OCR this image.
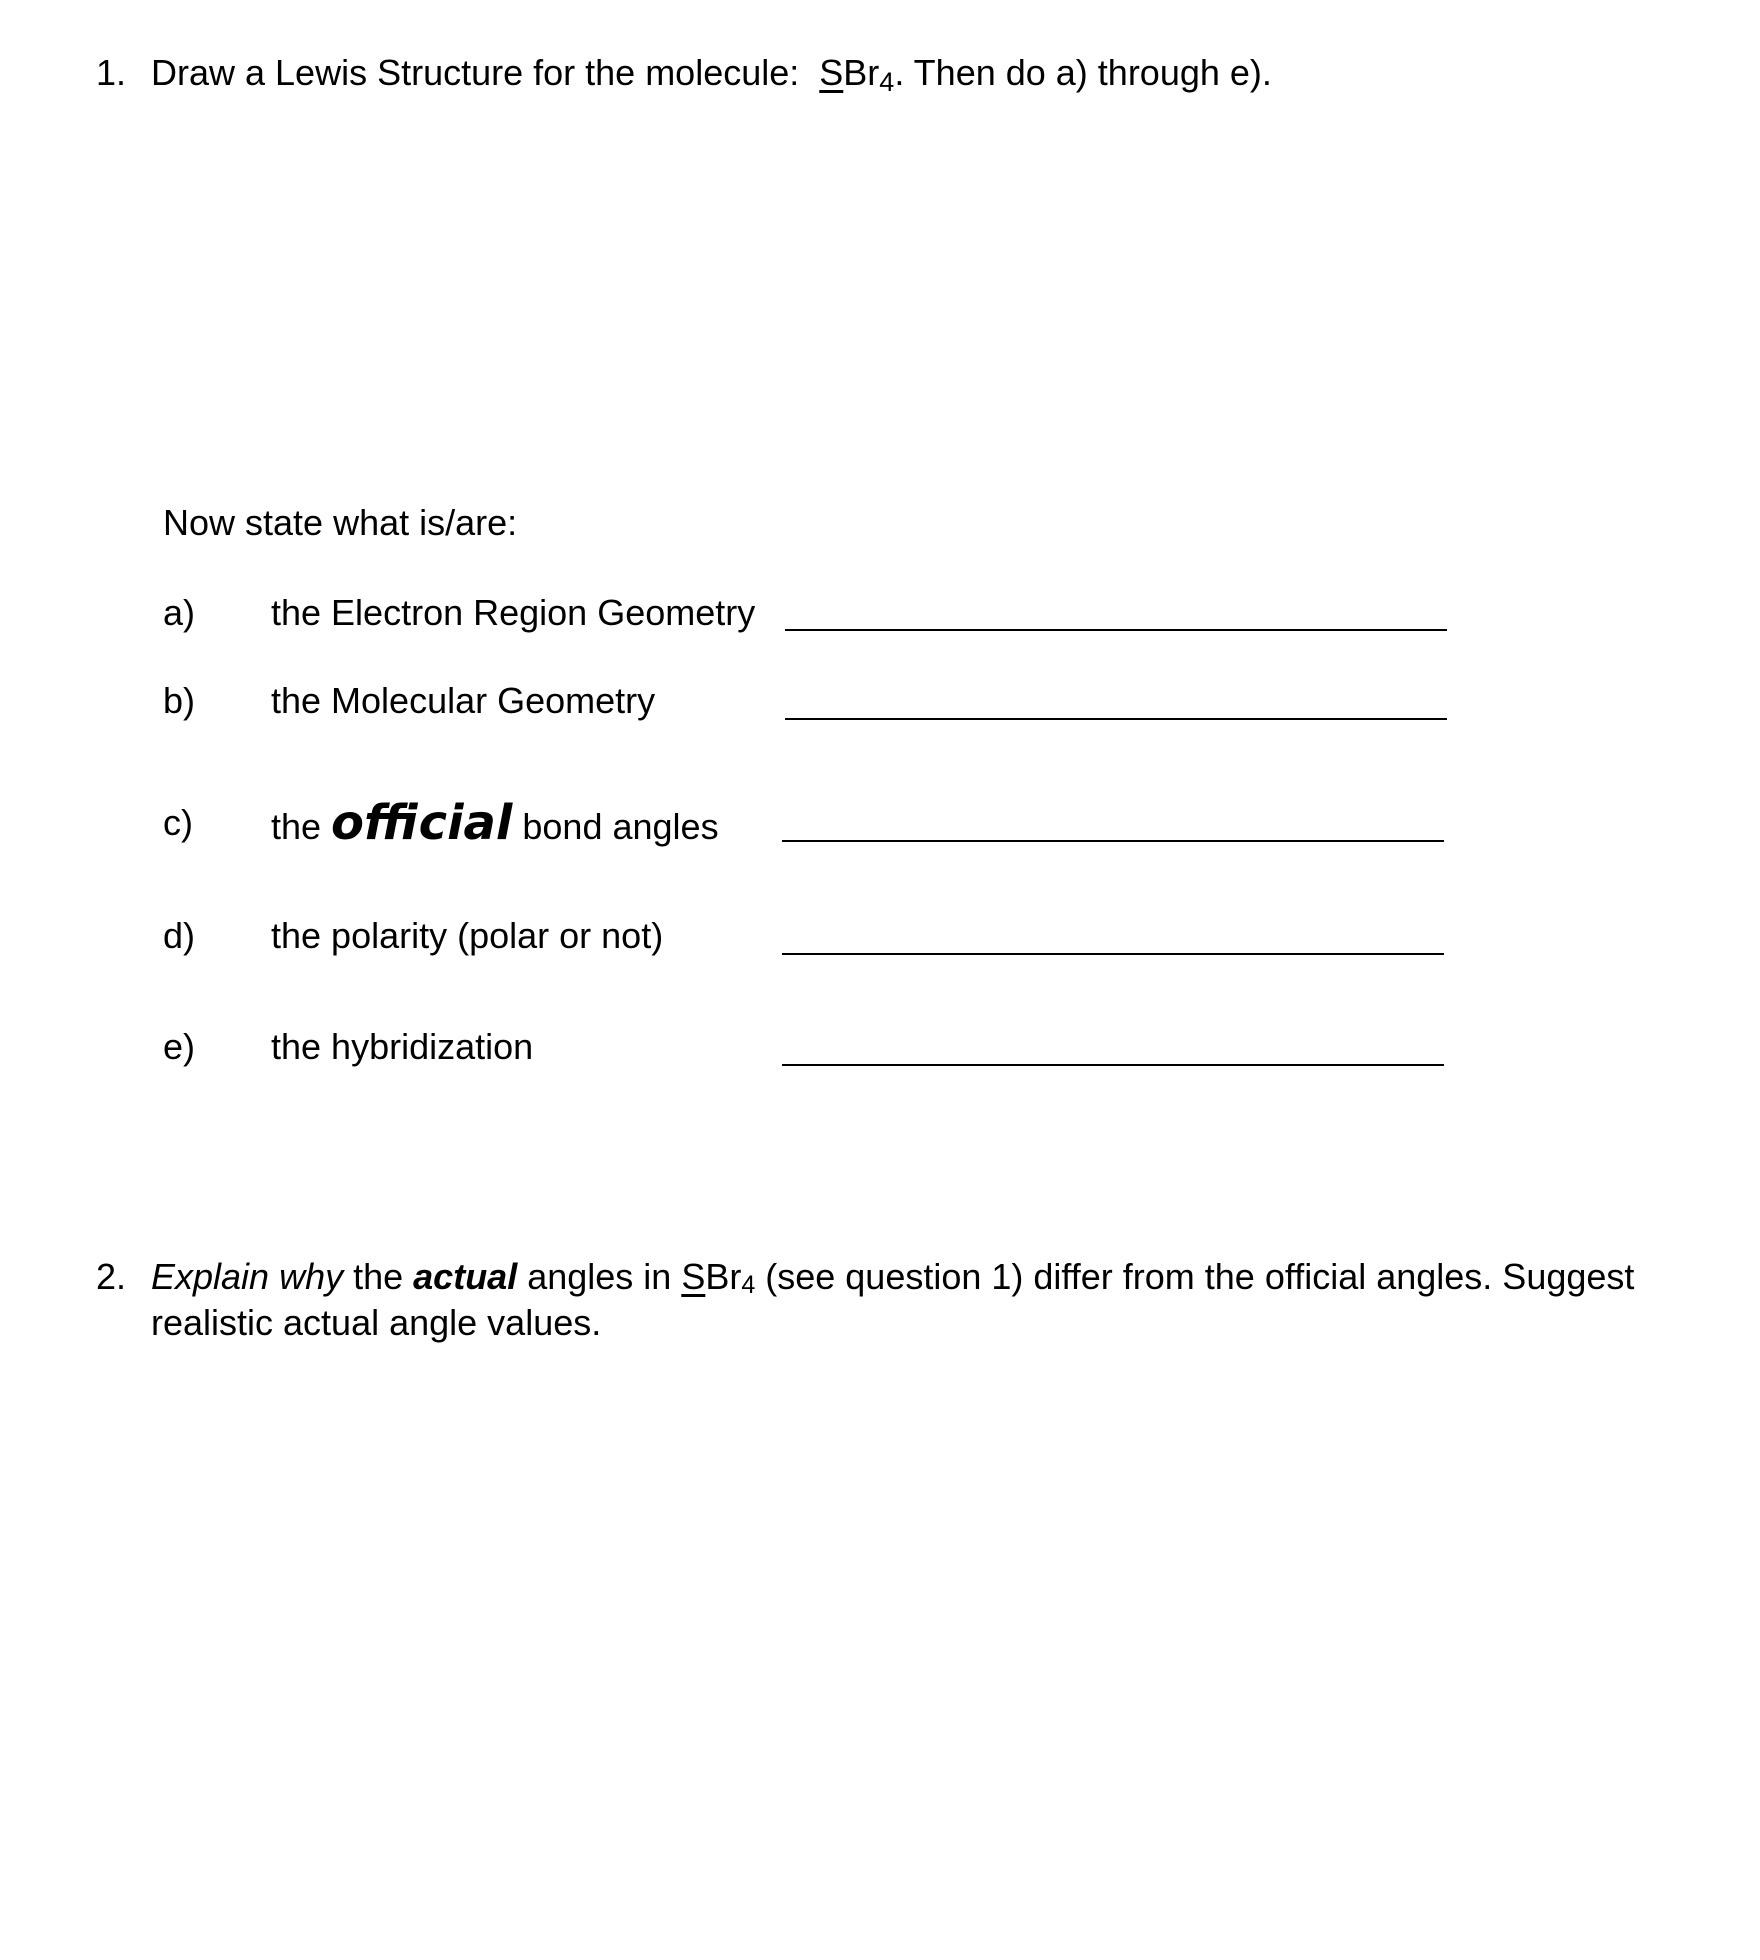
1. Draw a Lewis Structure for the molecule:  SBr$_4$. Then do a) through e).
Now state what is/are:
a) the Electron Region Geometry
b) the Molecular Geometry
c) the official bond angles
d) the polarity (polar or not)
e) the hybridization
2. Explain why the actual angles in SBr$_4$ (see question 1) differ from the official angles. Suggest realistic actual angle values.
